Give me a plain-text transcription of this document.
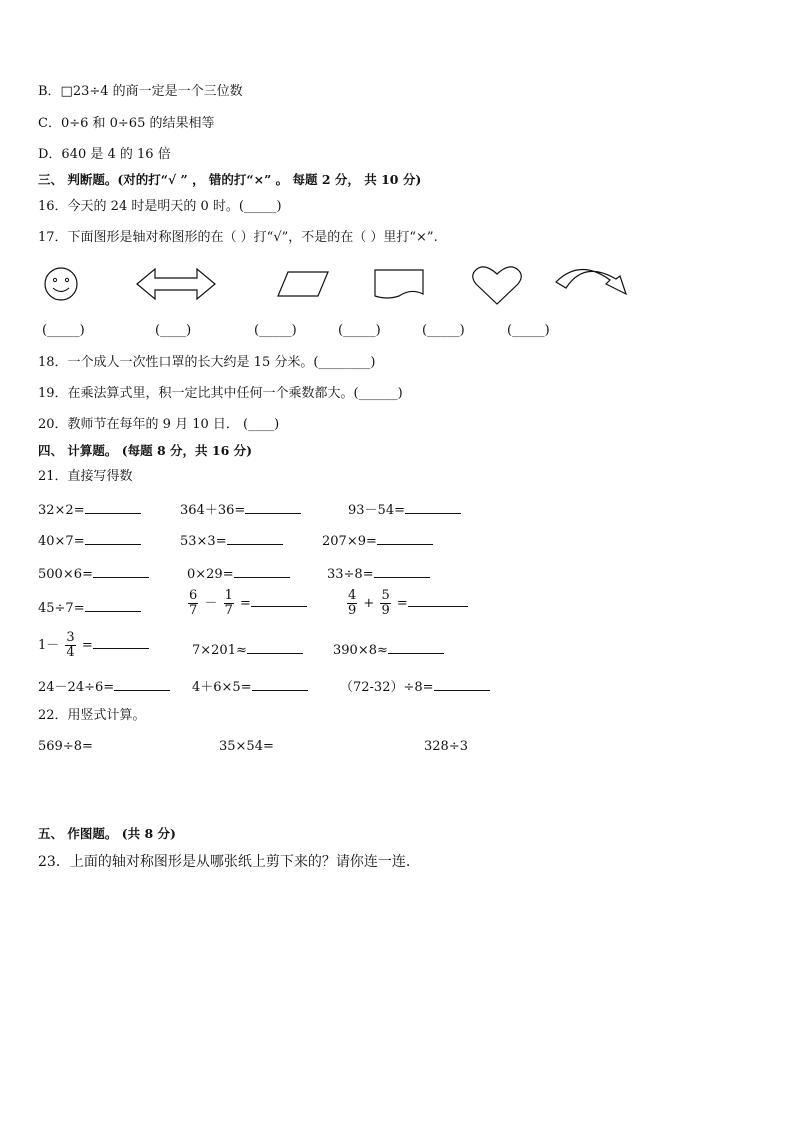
B．□23÷4 的商一定是一个三位数
C．0÷6 和 0÷65 的结果相等
D．640 是 4 的 16 倍
三、 判断题。(对的打“√ ” ， 错的打“×” 。 每题 2 分， 共 10 分)
16．今天的 24 时是明天的 0 时。(_____)
17．下面图形是轴对称图形的在（ ）打“√”，不是的在（ ）里打“×”.
(_____)	(____)	(_____)	(_____)	(_____)	(_____)
18．一个成人一次性口罩的长大约是 15 分米。(________)
19．在乘法算式里，积一定比其中任何一个乘数都大。(______)
20．教师节在每年的 9 月 10 日． (____)
四、 计算题。 (每题 8 分，共 16 分)
21．直接写得数
32×2=	364＋36=	93－54=
40×7=	53×3=	207×9=
500×6=	0×29=	33÷8=
45÷7=	$\frac{6}{7} - \frac{1}{7}$ =	$\frac{4}{9} + \frac{5}{9}$ =
$1- \frac{3}{4}$ =	7×201≈	390×8≈
24－24÷6=	4＋6×5=	（72-32）÷8=
22．用竖式计算。
569÷8=	35×54=	328÷3
五、 作图题。 (共 8 分)
23．上面的轴对称图形是从哪张纸上剪下来的？请你连一连.
